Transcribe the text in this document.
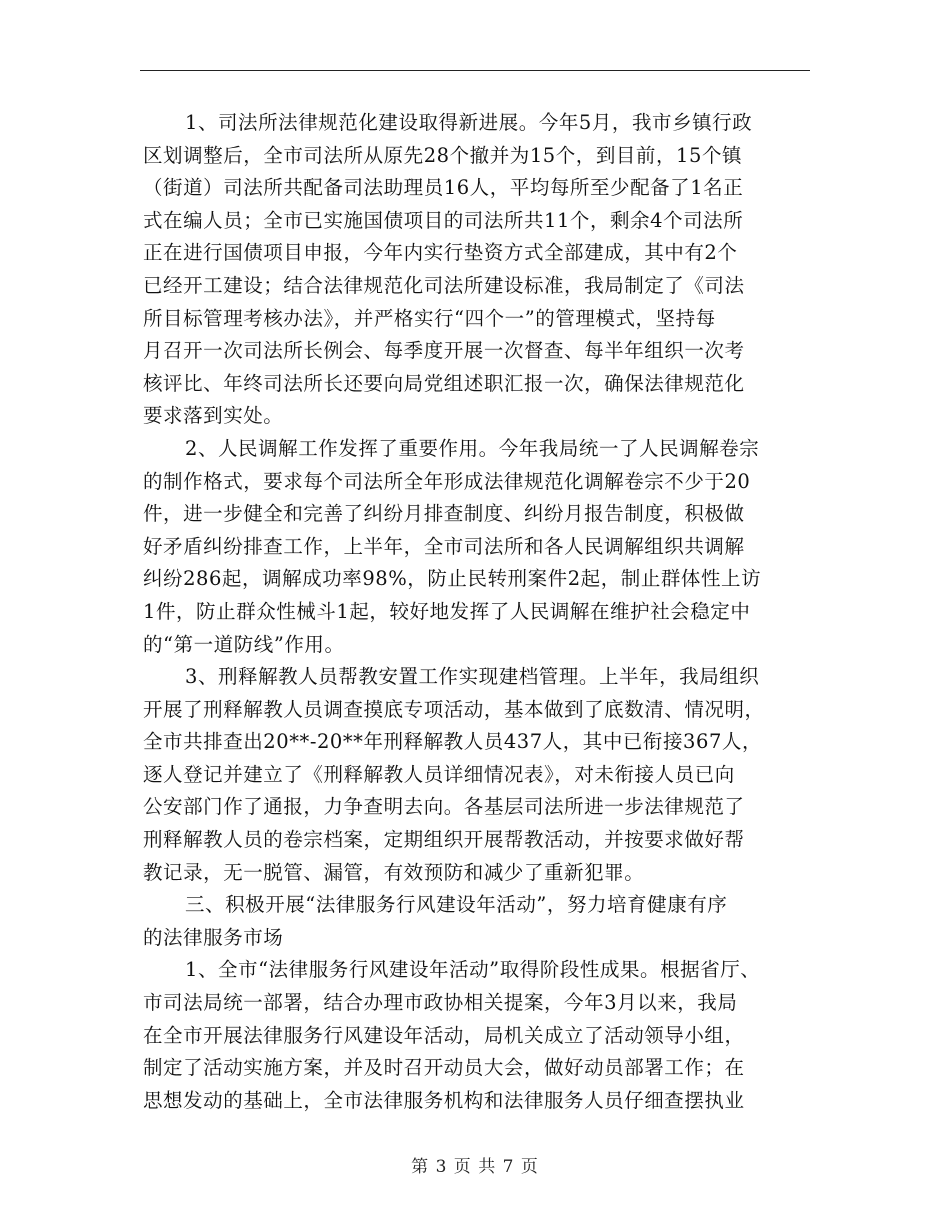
1、司法所法律规范化建设取得新进展。今年5月，我市乡镇行政
区划调整后，全市司法所从原先28个撤并为15个，到目前，15个镇
（街道）司法所共配备司法助理员16人，平均每所至少配备了1名正
式在编人员；全市已实施国债项目的司法所共11个，剩余4个司法所
正在进行国债项目申报，今年内实行垫资方式全部建成，其中有2个
已经开工建设；结合法律规范化司法所建设标准，我局制定了《司法
所目标管理考核办法》，并严格实行“四个一”的管理模式，坚持每
月召开一次司法所长例会、每季度开展一次督查、每半年组织一次考
核评比、年终司法所长还要向局党组述职汇报一次，确保法律规范化
要求落到实处。
2、人民调解工作发挥了重要作用。今年我局统一了人民调解卷宗
的制作格式，要求每个司法所全年形成法律规范化调解卷宗不少于20
件，进一步健全和完善了纠纷月排查制度、纠纷月报告制度，积极做
好矛盾纠纷排查工作，上半年，全市司法所和各人民调解组织共调解
纠纷286起，调解成功率98%，防止民转刑案件2起，制止群体性上访
1件，防止群众性械斗1起，较好地发挥了人民调解在维护社会稳定中
的“第一道防线”作用。
3、刑释解教人员帮教安置工作实现建档管理。上半年，我局组织
开展了刑释解教人员调查摸底专项活动，基本做到了底数清、情况明，
全市共排查出20**-20**年刑释解教人员437人，其中已衔接367人，
逐人登记并建立了《刑释解教人员详细情况表》，对未衔接人员已向
公安部门作了通报，力争查明去向。各基层司法所进一步法律规范了
刑释解教人员的卷宗档案，定期组织开展帮教活动，并按要求做好帮
教记录，无一脱管、漏管，有效预防和减少了重新犯罪。
三、积极开展“法律服务行风建设年活动”，努力培育健康有序
的法律服务市场
1、全市“法律服务行风建设年活动”取得阶段性成果。根据省厅、
市司法局统一部署，结合办理市政协相关提案，今年3月以来，我局
在全市开展法律服务行风建设年活动，局机关成立了活动领导小组，
制定了活动实施方案，并及时召开动员大会，做好动员部署工作；在
思想发动的基础上，全市法律服务机构和法律服务人员仔细查摆执业
第 3 页 共 7 页
